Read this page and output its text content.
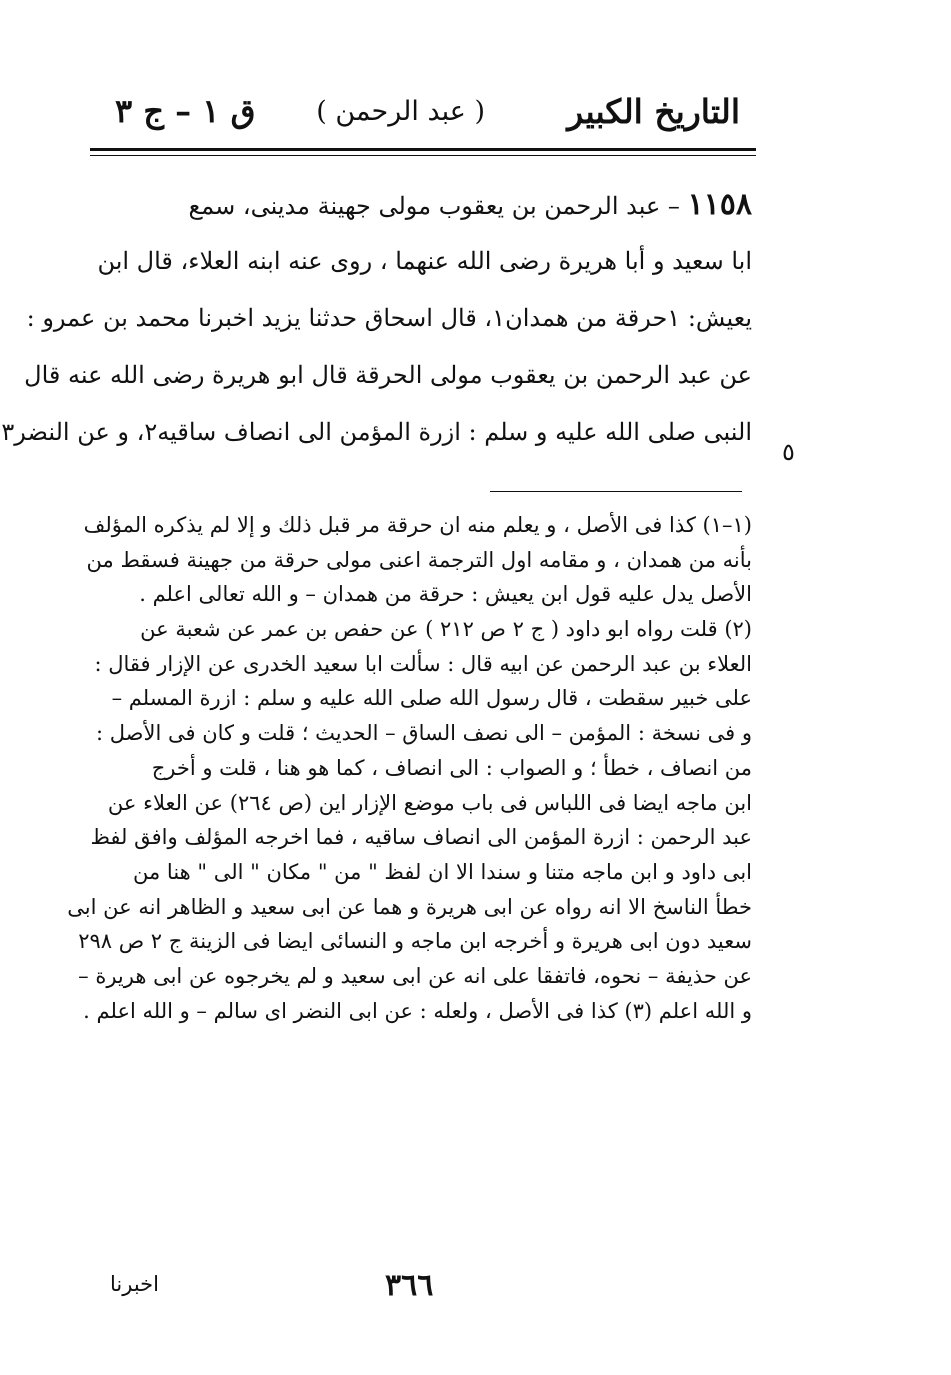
التاريخ الكبير
( عبد الرحمن )
ق ١ – ج ٣
١١٥٨ – عبد الرحمن بن يعقوب مولى جهينة مدينى، سمع
ابا سعيد و أبا هريرة رضى الله عنهما ، روى عنه ابنه العلاء، قال ابن
يعيش: ١حرقة من همدان١، قال اسحاق حدثنا يزيد اخبرنا محمد بن عمرو :
عن عبد الرحمن بن يعقوب مولى الحرقة قال ابو هريرة رضى الله عنه قال
النبى صلى الله عليه و سلم : ازرة المؤمن الى انصاف ساقيه٢، و عن النضر٣
٥
(١–١) كذا فى الأصل ، و يعلم منه ان حرقة مر قبل ذلك و إلا لم يذكره المؤلف
بأنه من همدان ، و مقامه اول الترجمة اعنى مولى حرقة من جهينة فسقط من
الأصل يدل عليه قول ابن يعيش : حرقة من همدان – و الله تعالى اعلم .
(٢) قلت رواه ابو داود ( ج ٢ ص ٢١٢ ) عن حفص بن عمر عن شعبة عن
العلاء بن عبد الرحمن عن ابيه قال : سألت ابا سعيد الخدرى عن الإزار فقال :
على خبير سقطت ، قال رسول الله صلى الله عليه و سلم : ازرة المسلم –
و فى نسخة : المؤمن – الى نصف الساق – الحديث ؛ قلت و كان فى الأصل :
من انصاف ، خطأ ؛ و الصواب : الى انصاف ، كما هو هنا ، قلت و أخرج
ابن ماجه ايضا فى اللباس فى باب موضع الإزار اين (ص ٢٦٤) عن العلاء عن
عبد الرحمن : ازرة المؤمن الى انصاف ساقيه ، فما اخرجه المؤلف وافق لفظ
ابى داود و ابن ماجه متنا و سندا الا ان لفظ " من " مكان " الى " هنا من
خطأ الناسخ الا انه رواه عن ابى هريرة و هما عن ابى سعيد و الظاهر انه عن ابى
سعيد دون ابى هريرة و أخرجه ابن ماجه و النسائى ايضا فى الزينة ج ٢ ص ٢٩٨
عن حذيفة – نحوه، فاتفقا على انه عن ابى سعيد و لم يخرجوه عن ابى هريرة –
و الله اعلم (٣) كذا فى الأصل ، ولعله : عن ابى النضر اى سالم – و الله اعلم .
٣٦٦
اخبرنا
